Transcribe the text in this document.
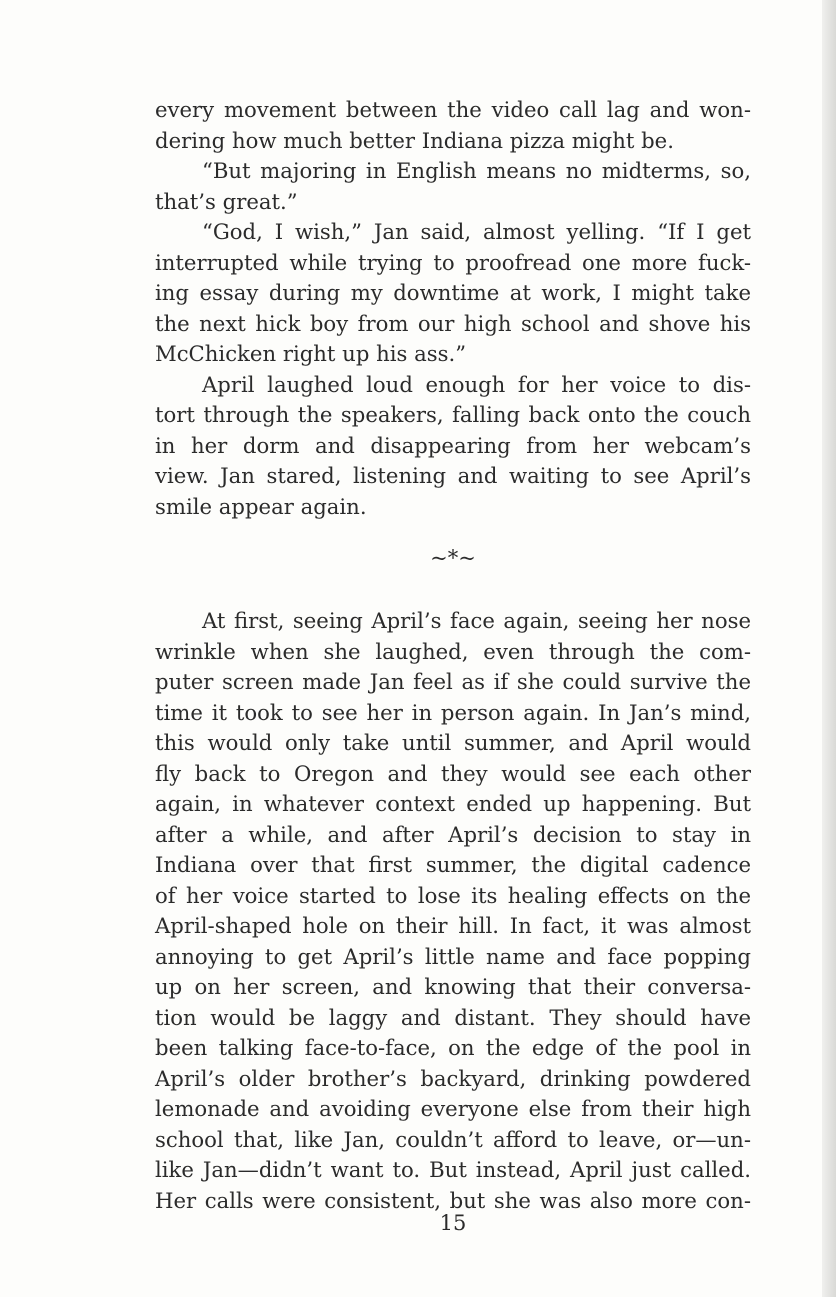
every movement between the video call lag and won-
dering how much better Indiana pizza might be.
“But majoring in English means no midterms, so,
that’s great.”
“God, I wish,” Jan said, almost yelling. “If I get
interrupted while trying to proofread one more fuck-
ing essay during my downtime at work, I might take
the next hick boy from our high school and shove his
McChicken right up his ass.”
April laughed loud enough for her voice to dis-
tort through the speakers, falling back onto the couch
in her dorm and disappearing from her webcam’s
view. Jan stared, listening and waiting to see April’s
smile appear again.
~*~
At first, seeing April’s face again, seeing her nose
wrinkle when she laughed, even through the com-
puter screen made Jan feel as if she could survive the
time it took to see her in person again. In Jan’s mind,
this would only take until summer, and April would
fly back to Oregon and they would see each other
again, in whatever context ended up happening. But
after a while, and after April’s decision to stay in
Indiana over that first summer, the digital cadence
of her voice started to lose its healing effects on the
April-shaped hole on their hill. In fact, it was almost
annoying to get April’s little name and face popping
up on her screen, and knowing that their conversa-
tion would be laggy and distant. They should have
been talking face-to-face, on the edge of the pool in
April’s older brother’s backyard, drinking powdered
lemonade and avoiding everyone else from their high
school that, like Jan, couldn’t afford to leave, or—un-
like Jan—didn’t want to. But instead, April just called.
Her calls were consistent, but she was also more con-
15
